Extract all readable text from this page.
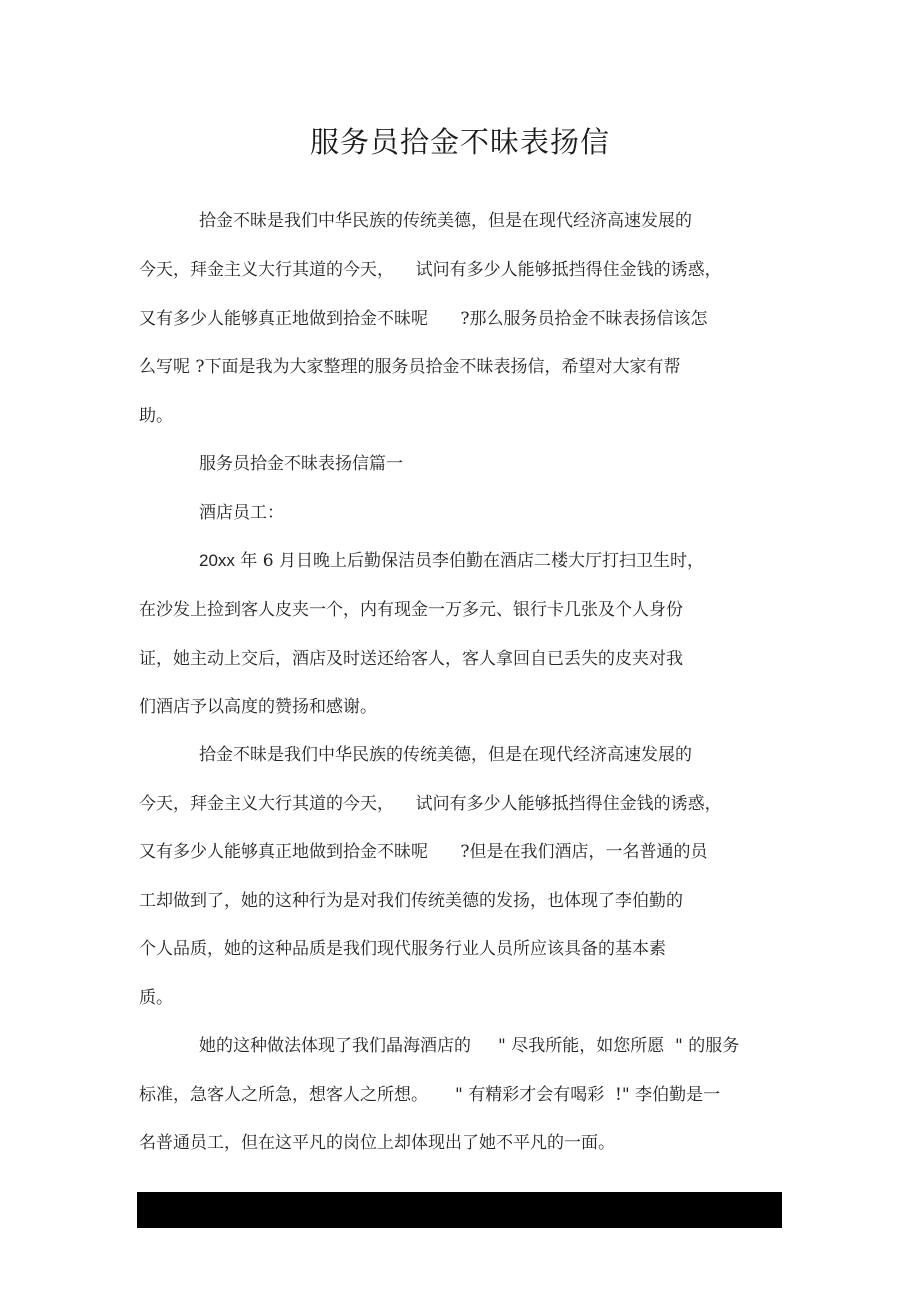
服务员拾金不昧表扬信
拾金不昧是我们中华民族的传统美德，但是在现代经济高速发展的
今天，拜金主义大行其道的今天，    试问有多少人能够抵挡得住金钱的诱惑，
又有多少人能够真正地做到拾金不昧呢      ?那么服务员拾金不昧表扬信该怎
么写呢 ?下面是我为大家整理的服务员拾金不昧表扬信，希望对大家有帮
助。
服务员拾金不昧表扬信篇一
酒店员工：
20xx 年 6 月日晚上后勤保洁员李伯勤在酒店二楼大厅打扫卫生时，
在沙发上捡到客人皮夹一个，内有现金一万多元、银行卡几张及个人身份
证，她主动上交后，酒店及时送还给客人，客人拿回自已丢失的皮夹对我
们酒店予以高度的赞扬和感谢。
拾金不昧是我们中华民族的传统美德，但是在现代经济高速发展的
今天，拜金主义大行其道的今天，    试问有多少人能够抵挡得住金钱的诱惑，
又有多少人能够真正地做到拾金不昧呢      ?但是在我们酒店，一名普通的员
工却做到了，她的这种行为是对我们传统美德的发扬，也体现了李伯勤的
个人品质，她的这种品质是我们现代服务行业人员所应该具备的基本素
质。
她的这种做法体现了我们晶海酒店的     " 尽我所能，如您所愿  " 的服务
标准，急客人之所急，想客人之所想。     " 有精彩才会有喝彩  !" 李伯勤是一
名普通员工，但在这平凡的岗位上却体现出了她不平凡的一面。
